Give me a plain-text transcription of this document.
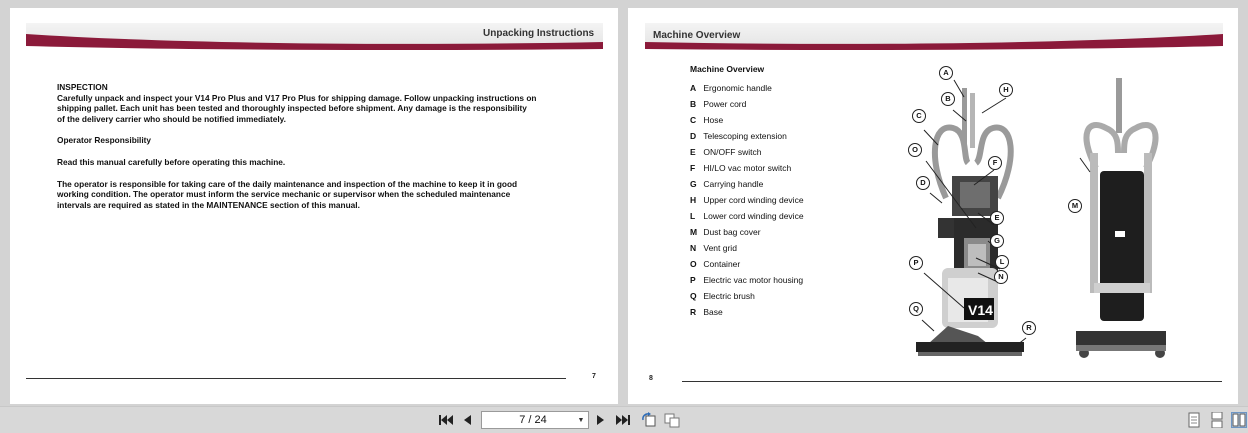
Unpacking Instructions

INSPECTION

Carefully unpack and inspect your V14 Pro Plus and V17 Pro Plus for shipping damage. Follow unpacking instructions on

shipping pallet. Each unit has been tested and thoroughly inspected before shipment. Any damage is the responsibility

of the delivery carrier who should be notified immediately.

Operator Responsibility

Read this manual carefully before operating this machine.

The operator is responsible for taking care of the daily maintenance and inspection of the machine to keep it in good

working condition. The operator must inform the service mechanic or supervisor when the scheduled maintenance

intervals are required as stated in the MAINTENANCE section of this manual.

7
Machine Overview
Machine Overview
A Ergonomic handle
B Power cord
C Hose
D Telescoping extension
E ON/OFF switch
F HI/LO vac motor switch
G Carrying handle
H Upper cord winding device
L Lower cord winding device
M Dust bag cover
N Vent grid
O Container
P Electric vac motor housing
Q Electric brush
R Base	V14
A
B
C
D
E
F
G
H
L
M
N
O
P
Q
R
8
7 / 24	▼
